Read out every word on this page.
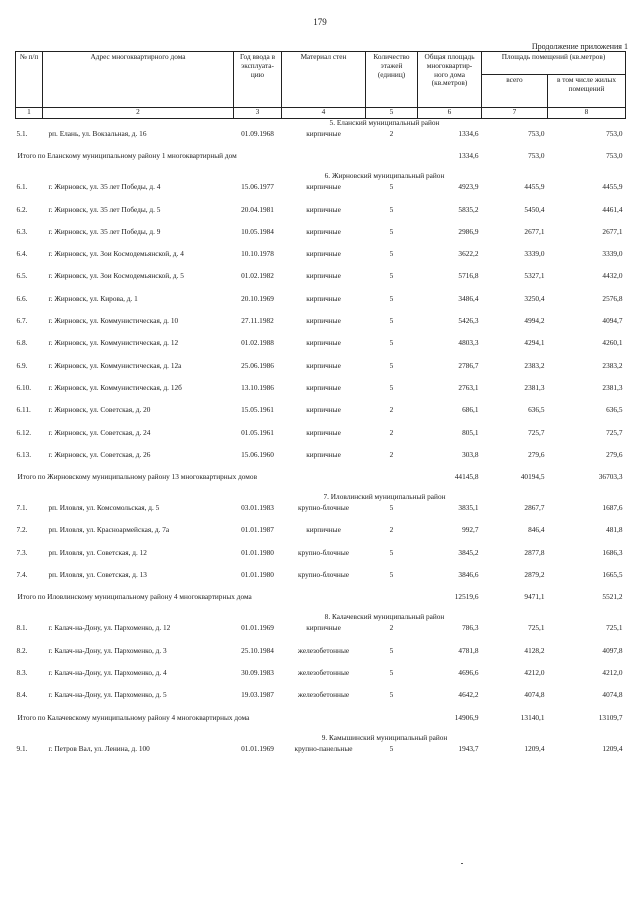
179
Продолжение приложения 1
№ п/п	Адрес многоквартирного дома	Год ввода в эксплуата-цию	Материал стен	Количество этажей (единиц)	Общая площадь многоквартир-ного дома (кв.метров)	Площадь помещений (кв.метров)	
						всего	в том числе жилых помещений
1	2	3	4	5	6	7	8
5. Еланский муниципальный район							
5.1.	рп. Елань, ул. Вокзальная, д. 16	01.09.1968	кирпичные	2	1334,6	753,0	753,0
Итого по Еланскому муниципальному району 1 многоквартирный дом					1334,6	753,0	753,0
6. Жирновский муниципальный район							
6.1.	г. Жирновск, ул. 35 лет Победы, д. 4	15.06.1977	кирпичные	5	4923,9	4455,9	4455,9
6.2.	г. Жирновск, ул. 35 лет Победы, д. 5	20.04.1981	кирпичные	5	5835,2	5450,4	4461,4
6.3.	г. Жирновск, ул. 35 лет Победы, д. 9	10.05.1984	кирпичные	5	2986,9	2677,1	2677,1
6.4.	г. Жирновск, ул. Зои Космодемьянской, д. 4	10.10.1978	кирпичные	5	3622,2	3339,0	3339,0
6.5.	г. Жирновск, ул. Зои Космодемьянской, д. 5	01.02.1982	кирпичные	5	5716,8	5327,1	4432,0
6.6.	г. Жирновск, ул. Кирова, д. 1	20.10.1969	кирпичные	5	3486,4	3250,4	2576,8
6.7.	г. Жирновск, ул. Коммунистическая, д. 10	27.11.1982	кирпичные	5	5426,3	4994,2	4094,7
6.8.	г. Жирновск, ул. Коммунистическая, д. 12	01.02.1988	кирпичные	5	4803,3	4294,1	4260,1
6.9.	г. Жирновск, ул. Коммунистическая, д. 12а	25.06.1986	кирпичные	5	2786,7	2383,2	2383,2
6.10.	г. Жирновск, ул. Коммунистическая, д. 12б	13.10.1986	кирпичные	5	2763,1	2381,3	2381,3
6.11.	г. Жирновск, ул. Советская, д. 20	15.05.1961	кирпичные	2	686,1	636,5	636,5
6.12.	г. Жирновск, ул. Советская, д. 24	01.05.1961	кирпичные	2	805,1	725,7	725,7
6.13.	г. Жирновск, ул. Советская, д. 26	15.06.1960	кирпичные	2	303,8	279,6	279,6
Итого по Жирновскому муниципальному району 13 многоквартирных домов					44145,8	40194,5	36703,3
7. Иловлинский муниципальный район							
7.1.	рп. Иловля, ул. Комсомольская, д. 5	03.01.1983	крупно-блочные	5	3835,1	2867,7	1687,6
7.2.	рп. Иловля, ул. Красноармейская, д. 7а	01.01.1987	кирпичные	2	992,7	846,4	481,8
7.3.	рп. Иловля, ул. Советская, д. 12	01.01.1980	крупно-блочные	5	3845,2	2877,8	1686,3
7.4.	рп. Иловля, ул. Советская, д. 13	01.01.1980	крупно-блочные	5	3846,6	2879,2	1665,5
Итого по Иловлинскому муниципальному району 4 многоквартирных дома					12519,6	9471,1	5521,2
8. Калачевский муниципальный район							
8.1.	г. Калач-на-Дону, ул. Пархоменко, д. 12	01.01.1969	кирпичные	2	786,3	725,1	725,1
8.2.	г. Калач-на-Дону, ул. Пархоменко, д. 3	25.10.1984	железобетонные	5	4781,8	4128,2	4097,8
8.3.	г. Калач-на-Дону, ул. Пархоменко, д. 4	30.09.1983	железобетонные	5	4696,6	4212,0	4212,0
8.4.	г. Калач-на-Дону, ул. Пархоменко, д. 5	19.03.1987	железобетонные	5	4642,2	4074,8	4074,8
Итого по Калачевскому муниципальному району 4 многоквартирных дома					14906,9	13140,1	13109,7
9. Камышинский муниципальный район							
9.1.	г. Петров Вал, ул. Ленина, д. 100	01.01.1969	крупно-панельные	5	1943,7	1209,4	1209,4
